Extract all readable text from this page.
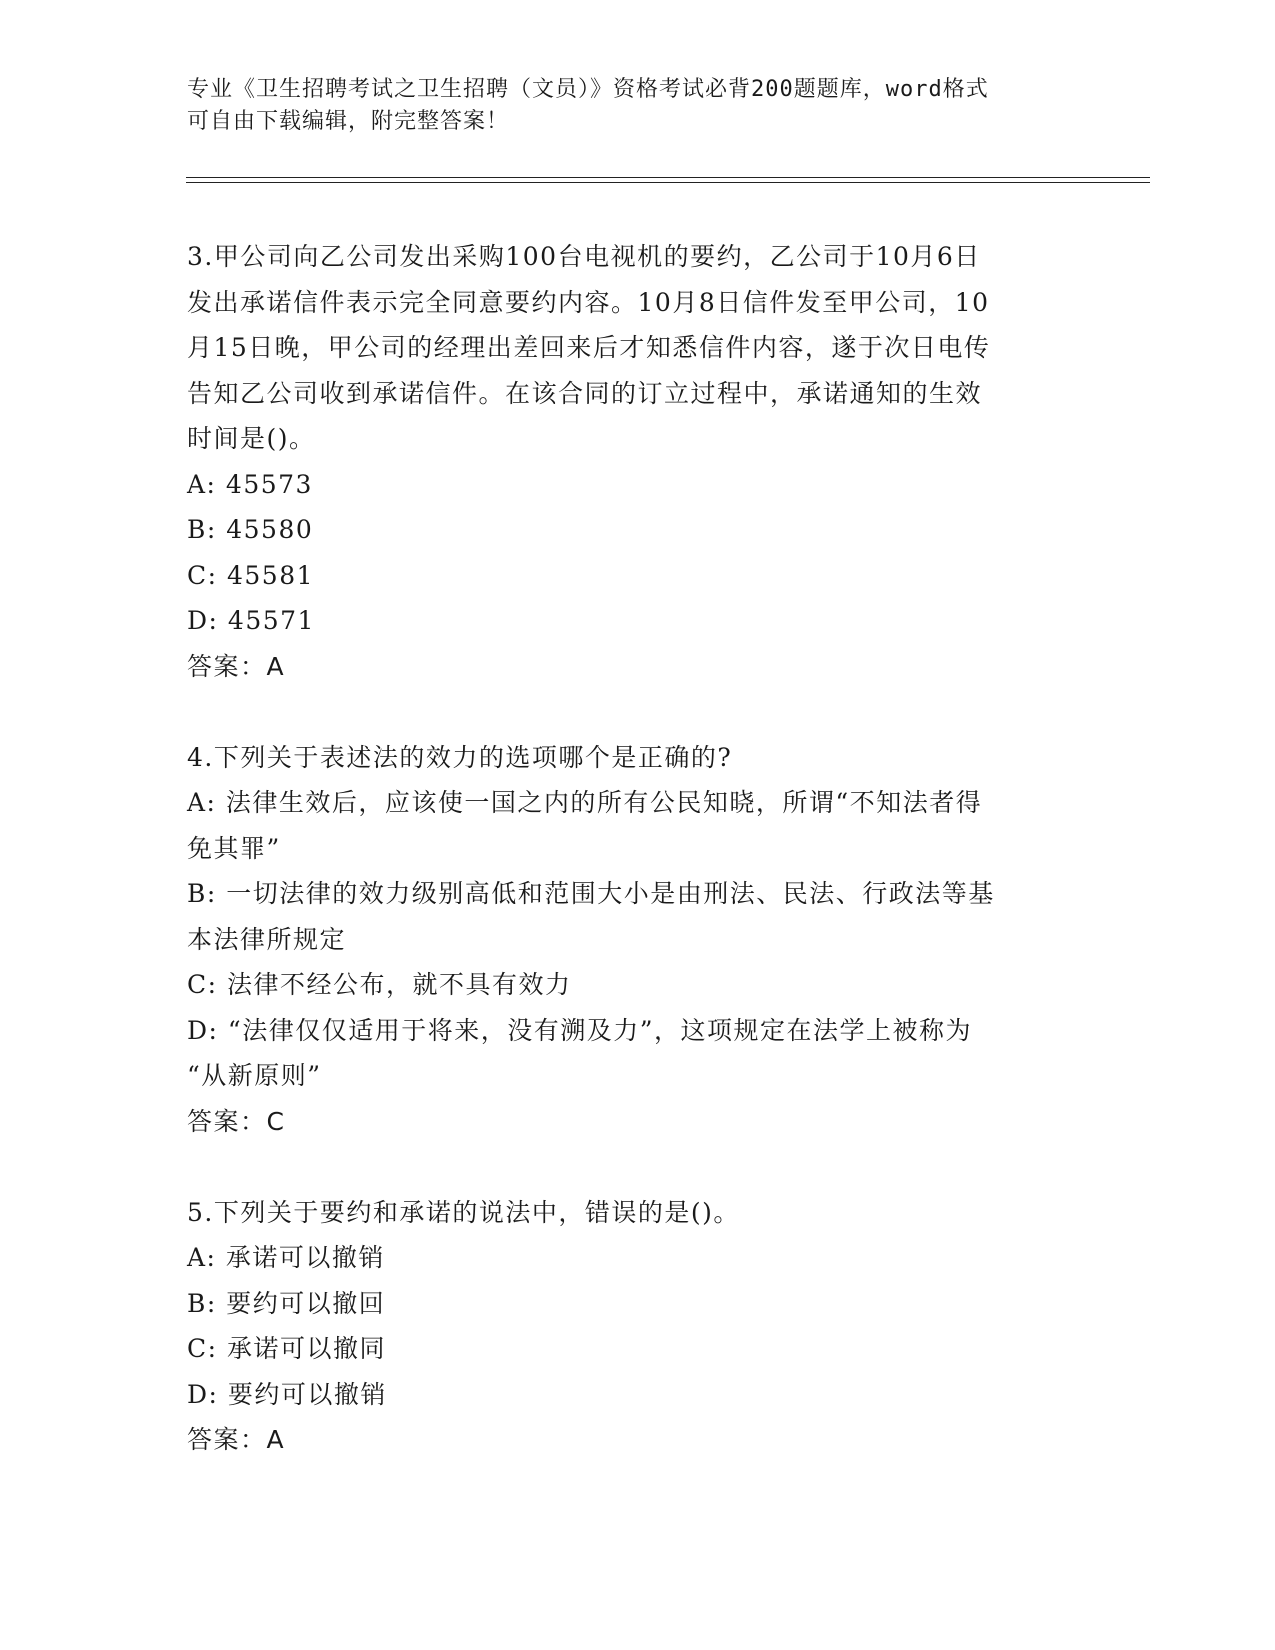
专业《卫生招聘考试之卫生招聘（文员）》资格考试必背200题题库，word格式
可自由下载编辑，附完整答案！
3.甲公司向乙公司发出采购100台电视机的要约，乙公司于10月6日
发出承诺信件表示完全同意要约内容。10月8日信件发至甲公司，10
月15日晚，甲公司的经理出差回来后才知悉信件内容，遂于次日电传
告知乙公司收到承诺信件。在该合同的订立过程中，承诺通知的生效
时间是()。
A: 45573
B: 45580
C: 45581
D: 45571
答案：A
4.下列关于表述法的效力的选项哪个是正确的?
A: 法律生效后，应该使一国之内的所有公民知晓，所谓“不知法者得
免其罪”
B: 一切法律的效力级别高低和范围大小是由刑法、民法、行政法等基
本法律所规定
C: 法律不经公布，就不具有效力
D: “法律仅仅适用于将来，没有溯及力”，这项规定在法学上被称为
“从新原则”
答案：C
5.下列关于要约和承诺的说法中，错误的是()。
A: 承诺可以撤销
B: 要约可以撤回
C: 承诺可以撤同
D: 要约可以撤销
答案：A
